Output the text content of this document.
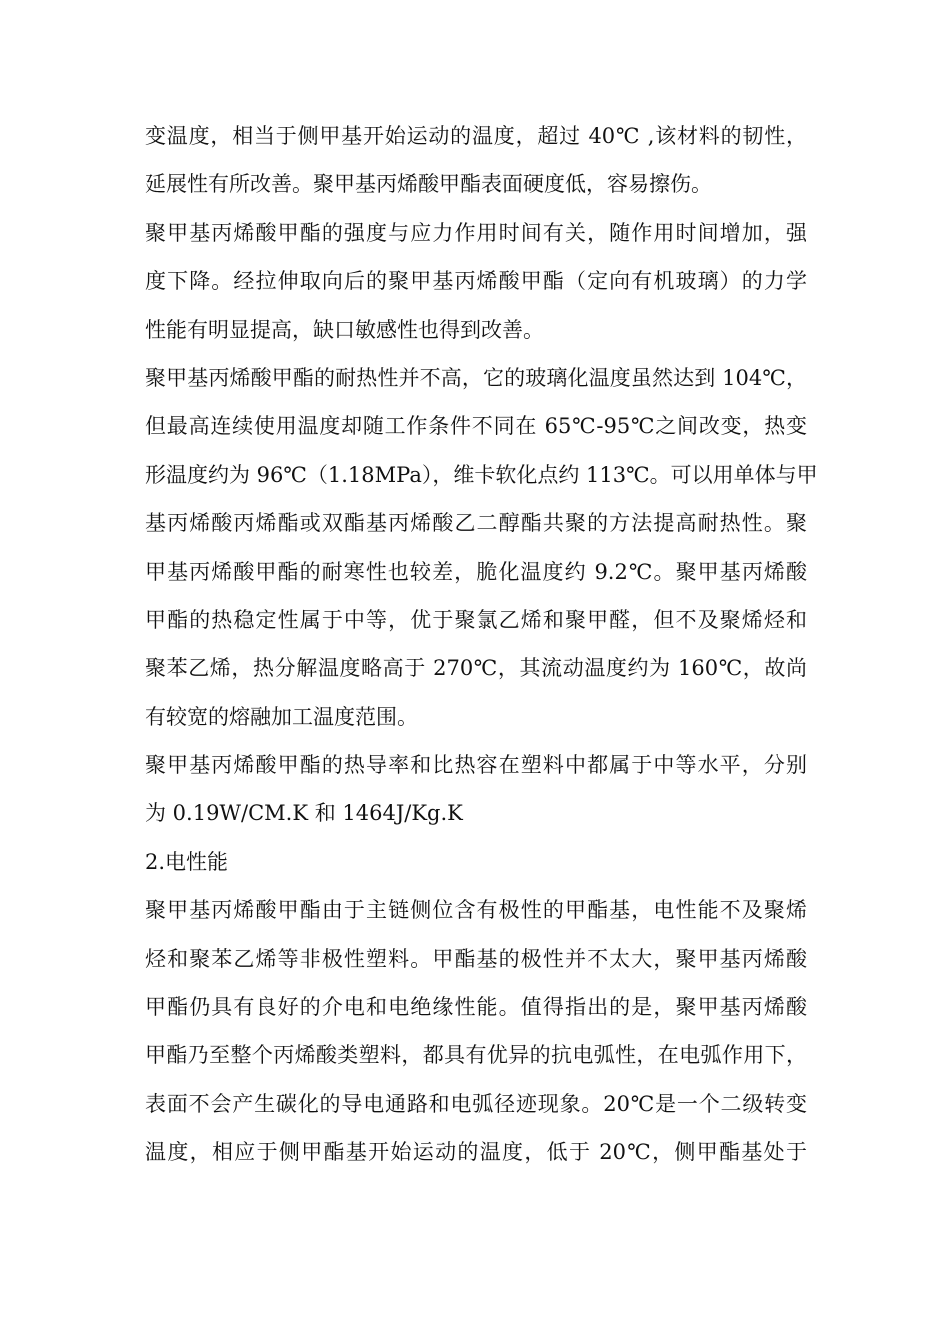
变温度，相当于侧甲基开始运动的温度，超过 40℃ ,该材料的韧性，
延展性有所改善。聚甲基丙烯酸甲酯表面硬度低，容易擦伤。
聚甲基丙烯酸甲酯的强度与应力作用时间有关，随作用时间增加，强
度下降。经拉伸取向后的聚甲基丙烯酸甲酯（定向有机玻璃）的力学
性能有明显提高，缺口敏感性也得到改善。
聚甲基丙烯酸甲酯的耐热性并不高，它的玻璃化温度虽然达到 104℃，
但最高连续使用温度却随工作条件不同在 65℃-95℃之间改变，热变
形温度约为 96℃（1.18MPa），维卡软化点约 113℃。可以用单体与甲
基丙烯酸丙烯酯或双酯基丙烯酸乙二醇酯共聚的方法提高耐热性。聚
甲基丙烯酸甲酯的耐寒性也较差，脆化温度约 9.2℃。聚甲基丙烯酸
甲酯的热稳定性属于中等，优于聚氯乙烯和聚甲醛，但不及聚烯烃和
聚苯乙烯，热分解温度略高于 270℃，其流动温度约为 160℃，故尚
有较宽的熔融加工温度范围。
聚甲基丙烯酸甲酯的热导率和比热容在塑料中都属于中等水平，分别
为 0.19W/CM.K 和 1464J/Kg.K
2.电性能
聚甲基丙烯酸甲酯由于主链侧位含有极性的甲酯基，电性能不及聚烯
烃和聚苯乙烯等非极性塑料。甲酯基的极性并不太大，聚甲基丙烯酸
甲酯仍具有良好的介电和电绝缘性能。值得指出的是，聚甲基丙烯酸
甲酯乃至整个丙烯酸类塑料，都具有优异的抗电弧性，在电弧作用下，
表面不会产生碳化的导电通路和电弧径迹现象。20℃是一个二级转变
温度，相应于侧甲酯基开始运动的温度，低于 20℃，侧甲酯基处于
